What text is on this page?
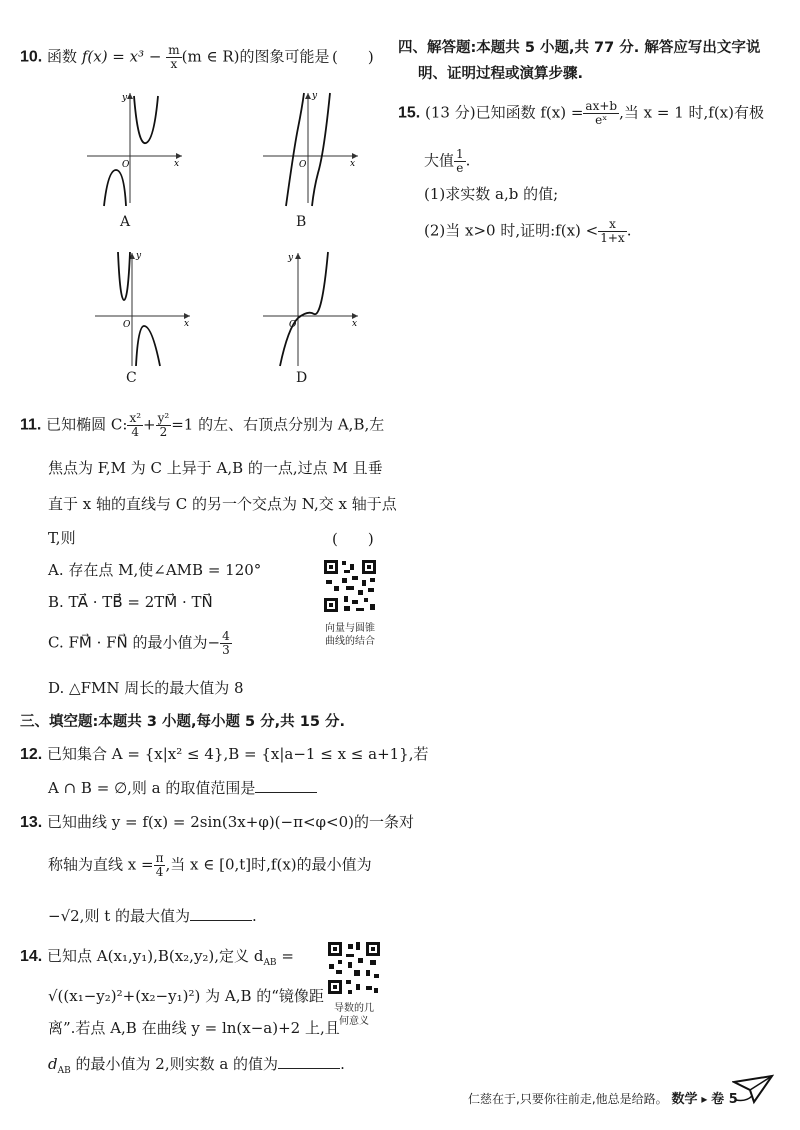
10. 函数 $f(x) = x^3 - \frac{m}{x} (m$ ∈ R)的图象可能是 (　　)
x
y
O
A
x
y
O
B
x
y
O
C
x
y
O
D
11. 已知椭圆 C: $\frac{\text{x²}}{4} + \frac{\text{y²}}{2} =1$ 的左、右顶点分别为 A,B,左
焦点为 F,M 为 C 上异于 A,B 的一点,过点 M 且垂
直于 x 轴的直线与 C 的另一个交点为 N,交 x 轴于点
T,则	(　　)
A. 存在点 M,使∠AMB = 120°
B. TA⃗ · TB⃗ = 2TM⃗ · TN⃗
C. FM⃗ · FN⃗ 的最小值为− $\frac{4}{3}$
D. △FMN 周长的最大值为 8
向量与圆锥
曲线的结合
三、填空题:本题共 3 小题,每小题 5 分,共 15 分.
12. 已知集合 A = {x|x² ≤ 4},B = {x|a−1 ≤ x ≤ a+1},若
A ∩ B = ∅,则 a 的取值范围是
13. 已知曲线 y = f(x) = 2sin(3x+φ)(−π<φ<0)的一条对
称轴为直线 $x = \frac{\pi}{4}$ ,当 x ∈ [0,t]时,f(x)的最小值为
−√2,则 t 的最大值为	.
14. 已知点 A(x₁,y₁),B(x₂,y₂),定义 $d_{AB}$ =
√((x₁−y₂)²+(x₂−y₁)²) 为 A,B 的“镜像距
离”.若点 A,B 在曲线 y = ln(x−a)+2 上,且
$d_{AB}$ 的最小值为 2,则实数 a 的值为	.
导数的几
何意义
四、解答题:本题共 5 小题,共 77 分. 解答应写出文字说
明、证明过程或演算步骤.
15. (13 分)已知函数 $f(x) = \frac{ax+b}{\text{eˣ}}$ ,当 x = 1 时,f(x)有极
大值 $\frac{1}{e}$ .
(1)求实数 a,b 的值;
(2)当 x>0 时,证明:f(x) < $\frac{x}{1+x}$ .
仁慈在于,只要你往前走,他总是给路。 数学 ▸ 卷 5
